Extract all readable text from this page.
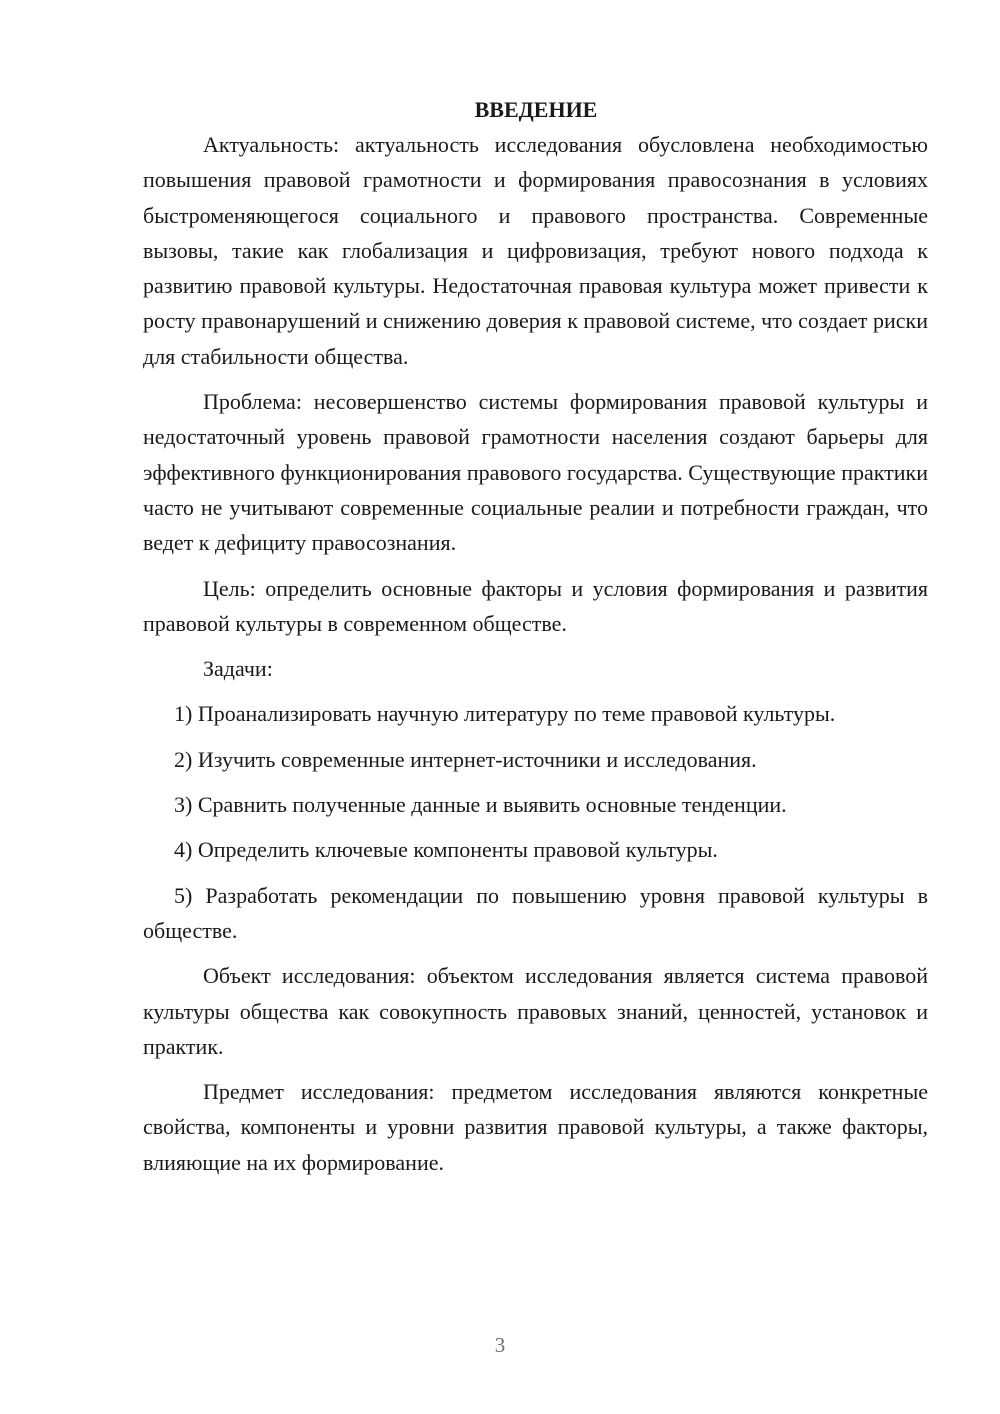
ВВЕДЕНИЕ

Актуальность: актуальность исследования обусловлена необходимостью повышения правовой грамотности и формирования правосознания в условиях быстроменяющегося социального и правового пространства. Современные вызовы, такие как глобализация и цифровизация, требуют нового подхода к развитию правовой культуры. Недостаточная правовая культура может привести к росту правонарушений и снижению доверия к правовой системе, что создает риски для стабильности общества.

Проблема: несовершенство системы формирования правовой культуры и недостаточный уровень правовой грамотности населения создают барьеры для эффективного функционирования правового государства. Существующие практики часто не учитывают современные социальные реалии и потребности граждан, что ведет к дефициту правосознания.

Цель: определить основные факторы и условия формирования и развития правовой культуры в современном обществе.

Задачи:

1) Проанализировать научную литературу по теме правовой культуры.

2) Изучить современные интернет-источники и исследования.

3) Сравнить полученные данные и выявить основные тенденции.

4) Определить ключевые компоненты правовой культуры.

5) Разработать рекомендации по повышению уровня правовой культуры в обществе.

Объект исследования: объектом исследования является система правовой культуры общества как совокупность правовых знаний, ценностей, установок и практик.

Предмет исследования: предметом исследования являются конкретные свойства, компоненты и уровни развития правовой культуры, а также факторы, влияющие на их формирование.

3
